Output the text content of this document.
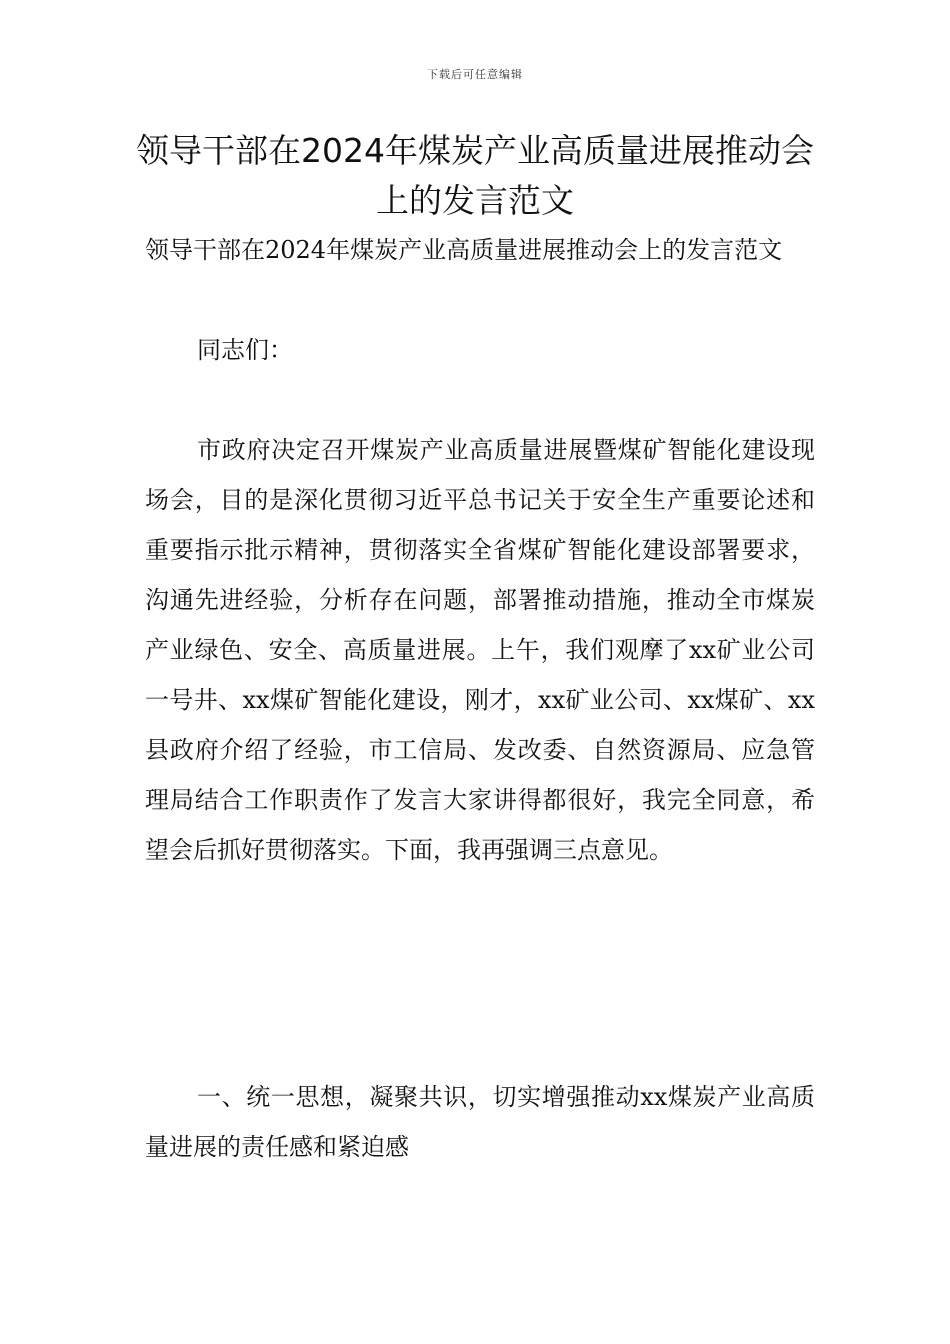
下载后可任意编辑
领导干部在2024年煤炭产业高质量进展推动会上的发言范文

领导干部在2024年煤炭产业高质量进展推动会上的发言范文

同志们：

市政府决定召开煤炭产业高质量进展暨煤矿智能化建设现场会，目的是深化贯彻习近平总书记关于安全生产重要论述和重要指示批示精神，贯彻落实全省煤矿智能化建设部署要求，沟通先进经验，分析存在问题，部署推动措施，推动全市煤炭产业绿色、安全、高质量进展。上午，我们观摩了xx矿业公司一号井、xx煤矿智能化建设，刚才，xx矿业公司、xx煤矿、xx县政府介绍了经验，市工信局、发改委、自然资源局、应急管理局结合工作职责作了发言大家讲得都很好，我完全同意，希望会后抓好贯彻落实。下面，我再强调三点意见。

一、统一思想，凝聚共识，切实增强推动xx煤炭产业高质量进展的责任感和紧迫感
